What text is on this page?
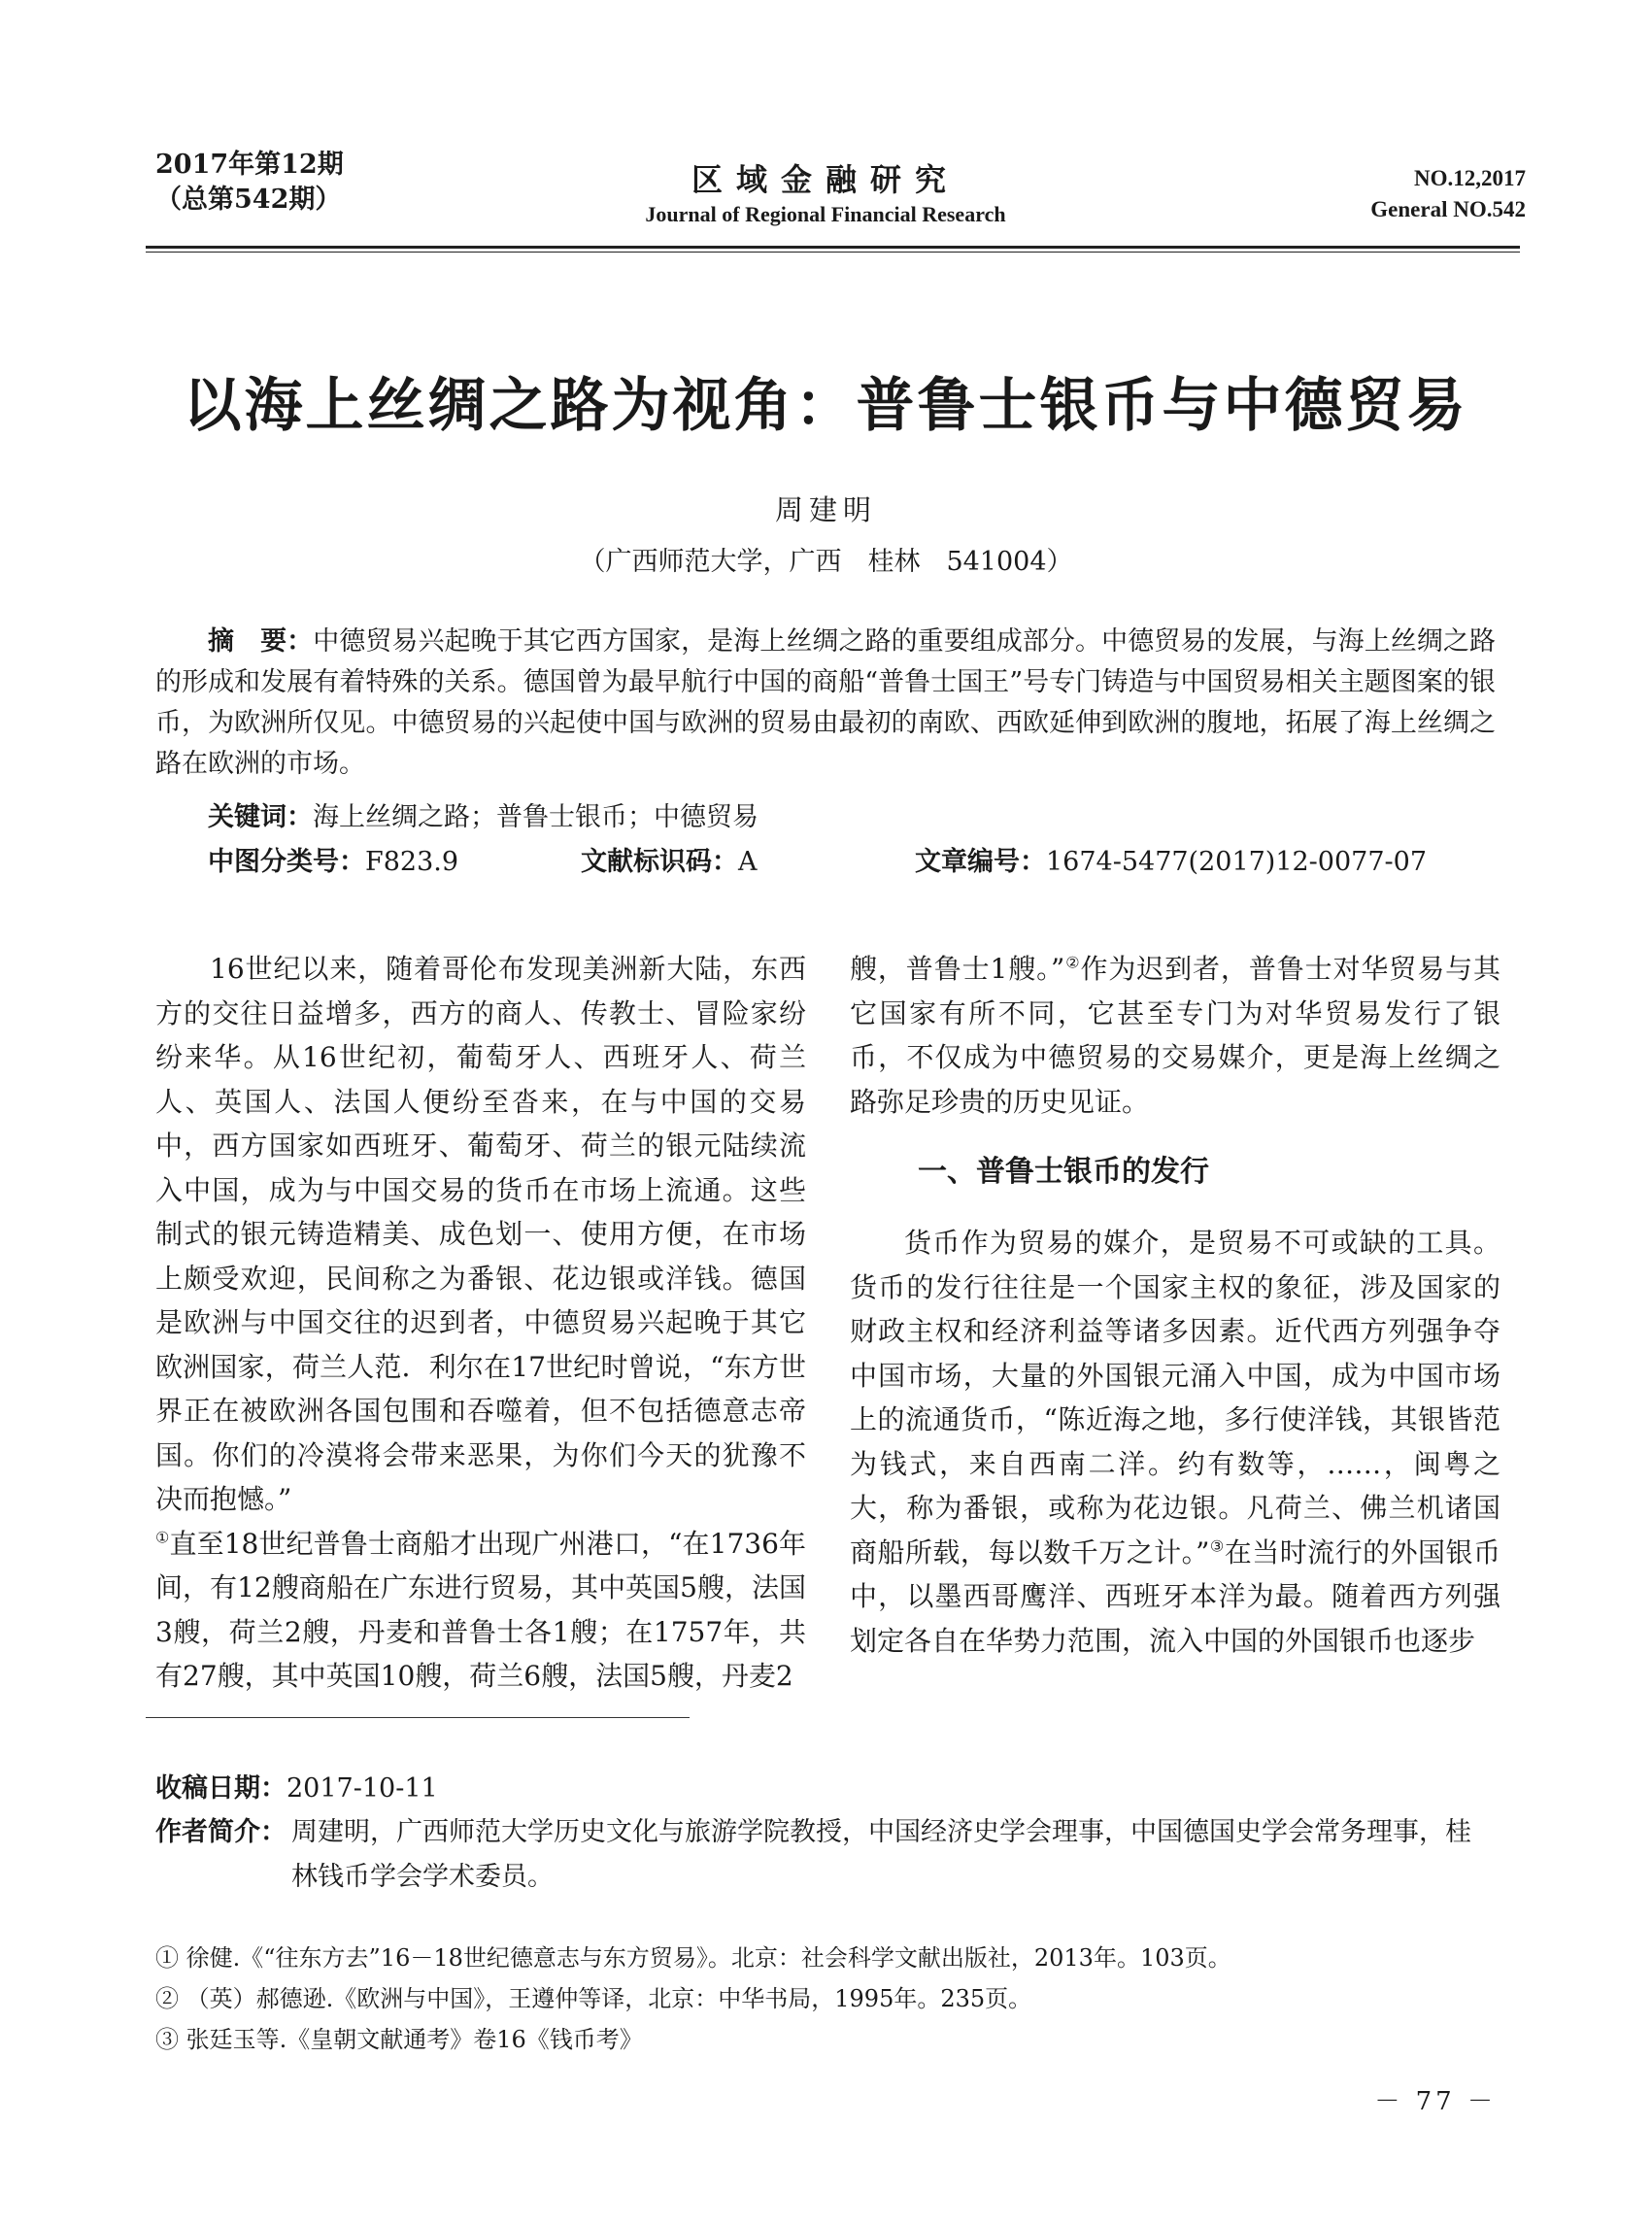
2017年第12期
（总第542期）
区域金融研究
Journal of Regional Financial Research
NO.12,2017
General NO.542
以海上丝绸之路为视角：普鲁士银币与中德贸易
周建明
（广西师范大学，广西　桂林　541004）
摘　要：中德贸易兴起晚于其它西方国家，是海上丝绸之路的重要组成部分。中德贸易的发展，与海上丝绸之路的形成和发展有着特殊的关系。德国曾为最早航行中国的商船“普鲁士国王”号专门铸造与中国贸易相关主题图案的银币，为欧洲所仅见。中德贸易的兴起使中国与欧洲的贸易由最初的南欧、西欧延伸到欧洲的腹地，拓展了海上丝绸之路在欧洲的市场。
关键词：海上丝绸之路；普鲁士银币；中德贸易
中图分类号：F823.9	文献标识码：A	文章编号：1674-5477(2017)12-0077-07

16世纪以来，随着哥伦布发现美洲新大陆，东西方的交往日益增多，西方的商人、传教士、冒险家纷纷来华。从16世纪初，葡萄牙人、西班牙人、荷兰人、英国人、法国人便纷至沓来，在与中国的交易中，西方国家如西班牙、葡萄牙、荷兰的银元陆续流入中国，成为与中国交易的货币在市场上流通。这些制式的银元铸造精美、成色划一、使用方便，在市场上颇受欢迎，民间称之为番银、花边银或洋钱。德国是欧洲与中国交往的迟到者，中德贸易兴起晚于其它欧洲国家，荷兰人范．利尔在17世纪时曾说，“东方世界正在被欧洲各国包围和吞噬着，但不包括德意志帝国。你们的冷漠将会带来恶果，为你们今天的犹豫不决而抱憾。”

①直至18世纪普鲁士商船才出现广州港口，“在1736年间，有12艘商船在广东进行贸易，其中英国5艘，法国3艘，荷兰2艘，丹麦和普鲁士各1艘；在1757年，共有27艘，其中英国10艘，荷兰6艘，法国5艘，丹麦2

艘，普鲁士1艘。”②作为迟到者，普鲁士对华贸易与其它国家有所不同，它甚至专门为对华贸易发行了银币，不仅成为中德贸易的交易媒介，更是海上丝绸之路弥足珍贵的历史见证。

一、普鲁士银币的发行

货币作为贸易的媒介，是贸易不可或缺的工具。货币的发行往往是一个国家主权的象征，涉及国家的财政主权和经济利益等诸多因素。近代西方列强争夺中国市场，大量的外国银元涌入中国，成为中国市场上的流通货币，“陈近海之地，多行使洋钱，其银皆范为钱式，来自西南二洋。约有数等，……，闽粤之大，称为番银，或称为花边银。凡荷兰、佛兰机诸国商船所载，每以数千万之计。”③在当时流行的外国银币中，以墨西哥鹰洋、西班牙本洋为最。随着西方列强划定各自在华势力范围，流入中国的外国银币也逐步

收稿日期：2017-10-11
作者简介： 周建明，广西师范大学历史文化与旅游学院教授，中国经济史学会理事，中国德国史学会常务理事，桂林钱币学会学术委员。
① 徐健.《“往东方去”16－18世纪德意志与东方贸易》。北京：社会科学文献出版社，2013年。103页。
② （英）郝德逊.《欧洲与中国》，王遵仲等译，北京：中华书局，1995年。235页。
③ 张廷玉等.《皇朝文献通考》卷16《钱币考》
－ 77 －
